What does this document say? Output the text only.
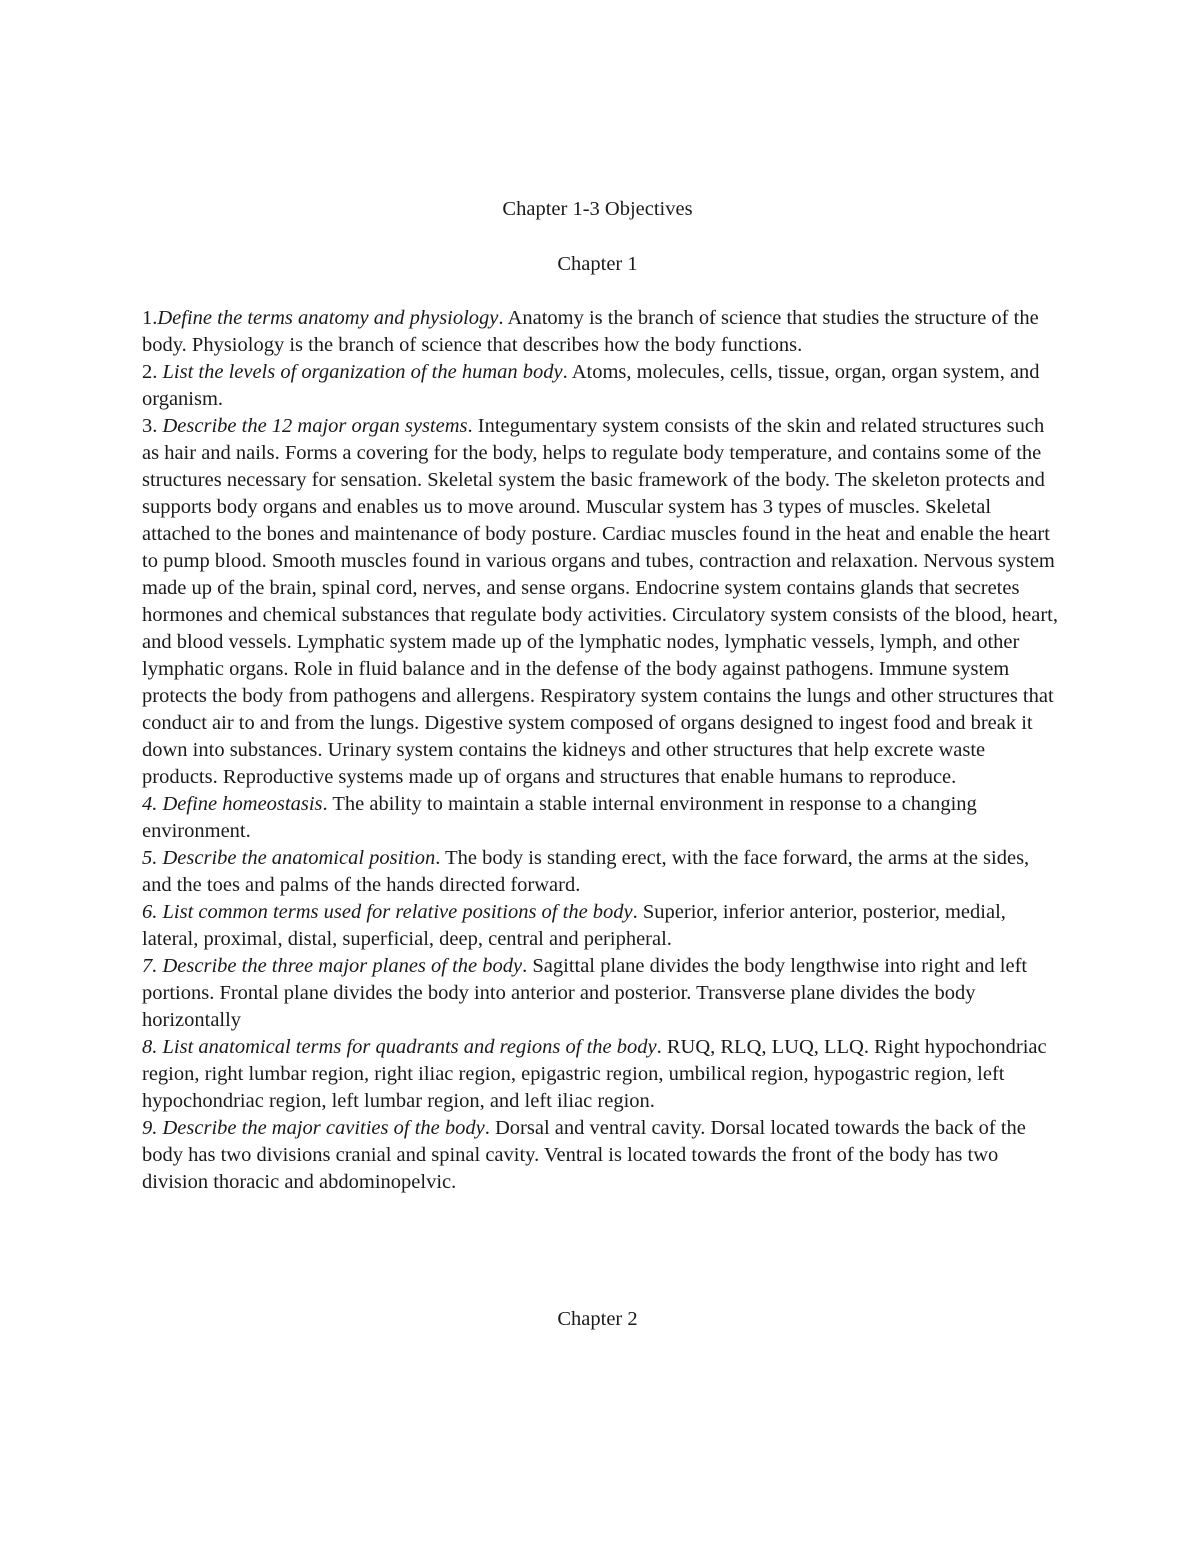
Chapter 1-3 Objectives
Chapter 1
1.Define the terms anatomy and physiology. Anatomy is the branch of science that studies the structure of the body. Physiology is the branch of science that describes how the body functions.
2. List the levels of organization of the human body. Atoms, molecules, cells, tissue, organ, organ system, and organism.
3. Describe the 12 major organ systems. Integumentary system consists of the skin and related structures such as hair and nails. Forms a covering for the body, helps to regulate body temperature, and contains some of the structures necessary for sensation. Skeletal system the basic framework of the body. The skeleton protects and supports body organs and enables us to move around. Muscular system has 3 types of muscles. Skeletal attached to the bones and maintenance of body posture. Cardiac muscles found in the heat and enable the heart to pump blood. Smooth muscles found in various organs and tubes, contraction and relaxation. Nervous system made up of the brain, spinal cord, nerves, and sense organs. Endocrine system contains glands that secretes hormones and chemical substances that regulate body activities. Circulatory system consists of the blood, heart, and blood vessels. Lymphatic system made up of the lymphatic nodes, lymphatic vessels, lymph, and other lymphatic organs. Role in fluid balance and in the defense of the body against pathogens. Immune system protects the body from pathogens and allergens. Respiratory system contains the lungs and other structures that conduct air to and from the lungs. Digestive system composed of organs designed to ingest food and break it down into substances. Urinary system contains the kidneys and other structures that help excrete waste products. Reproductive systems made up of organs and structures that enable humans to reproduce.
4. Define homeostasis. The ability to maintain a stable internal environment in response to a changing environment.
5. Describe the anatomical position. The body is standing erect, with the face forward, the arms at the sides, and the toes and palms of the hands directed forward.
6. List common terms used for relative positions of the body. Superior, inferior anterior, posterior, medial, lateral, proximal, distal, superficial, deep, central and peripheral.
7. Describe the three major planes of the body. Sagittal plane divides the body lengthwise into right and left portions. Frontal plane divides the body into anterior and posterior. Transverse plane divides the body horizontally
8. List anatomical terms for quadrants and regions of the body. RUQ, RLQ, LUQ, LLQ. Right hypochondriac region, right lumbar region, right iliac region, epigastric region, umbilical region, hypogastric region, left hypochondriac region, left lumbar region, and left iliac region.
9. Describe the major cavities of the body. Dorsal and ventral cavity. Dorsal located towards the back of the body has two divisions cranial and spinal cavity. Ventral is located towards the front of the body has two division thoracic and abdominopelvic.
Chapter 2
